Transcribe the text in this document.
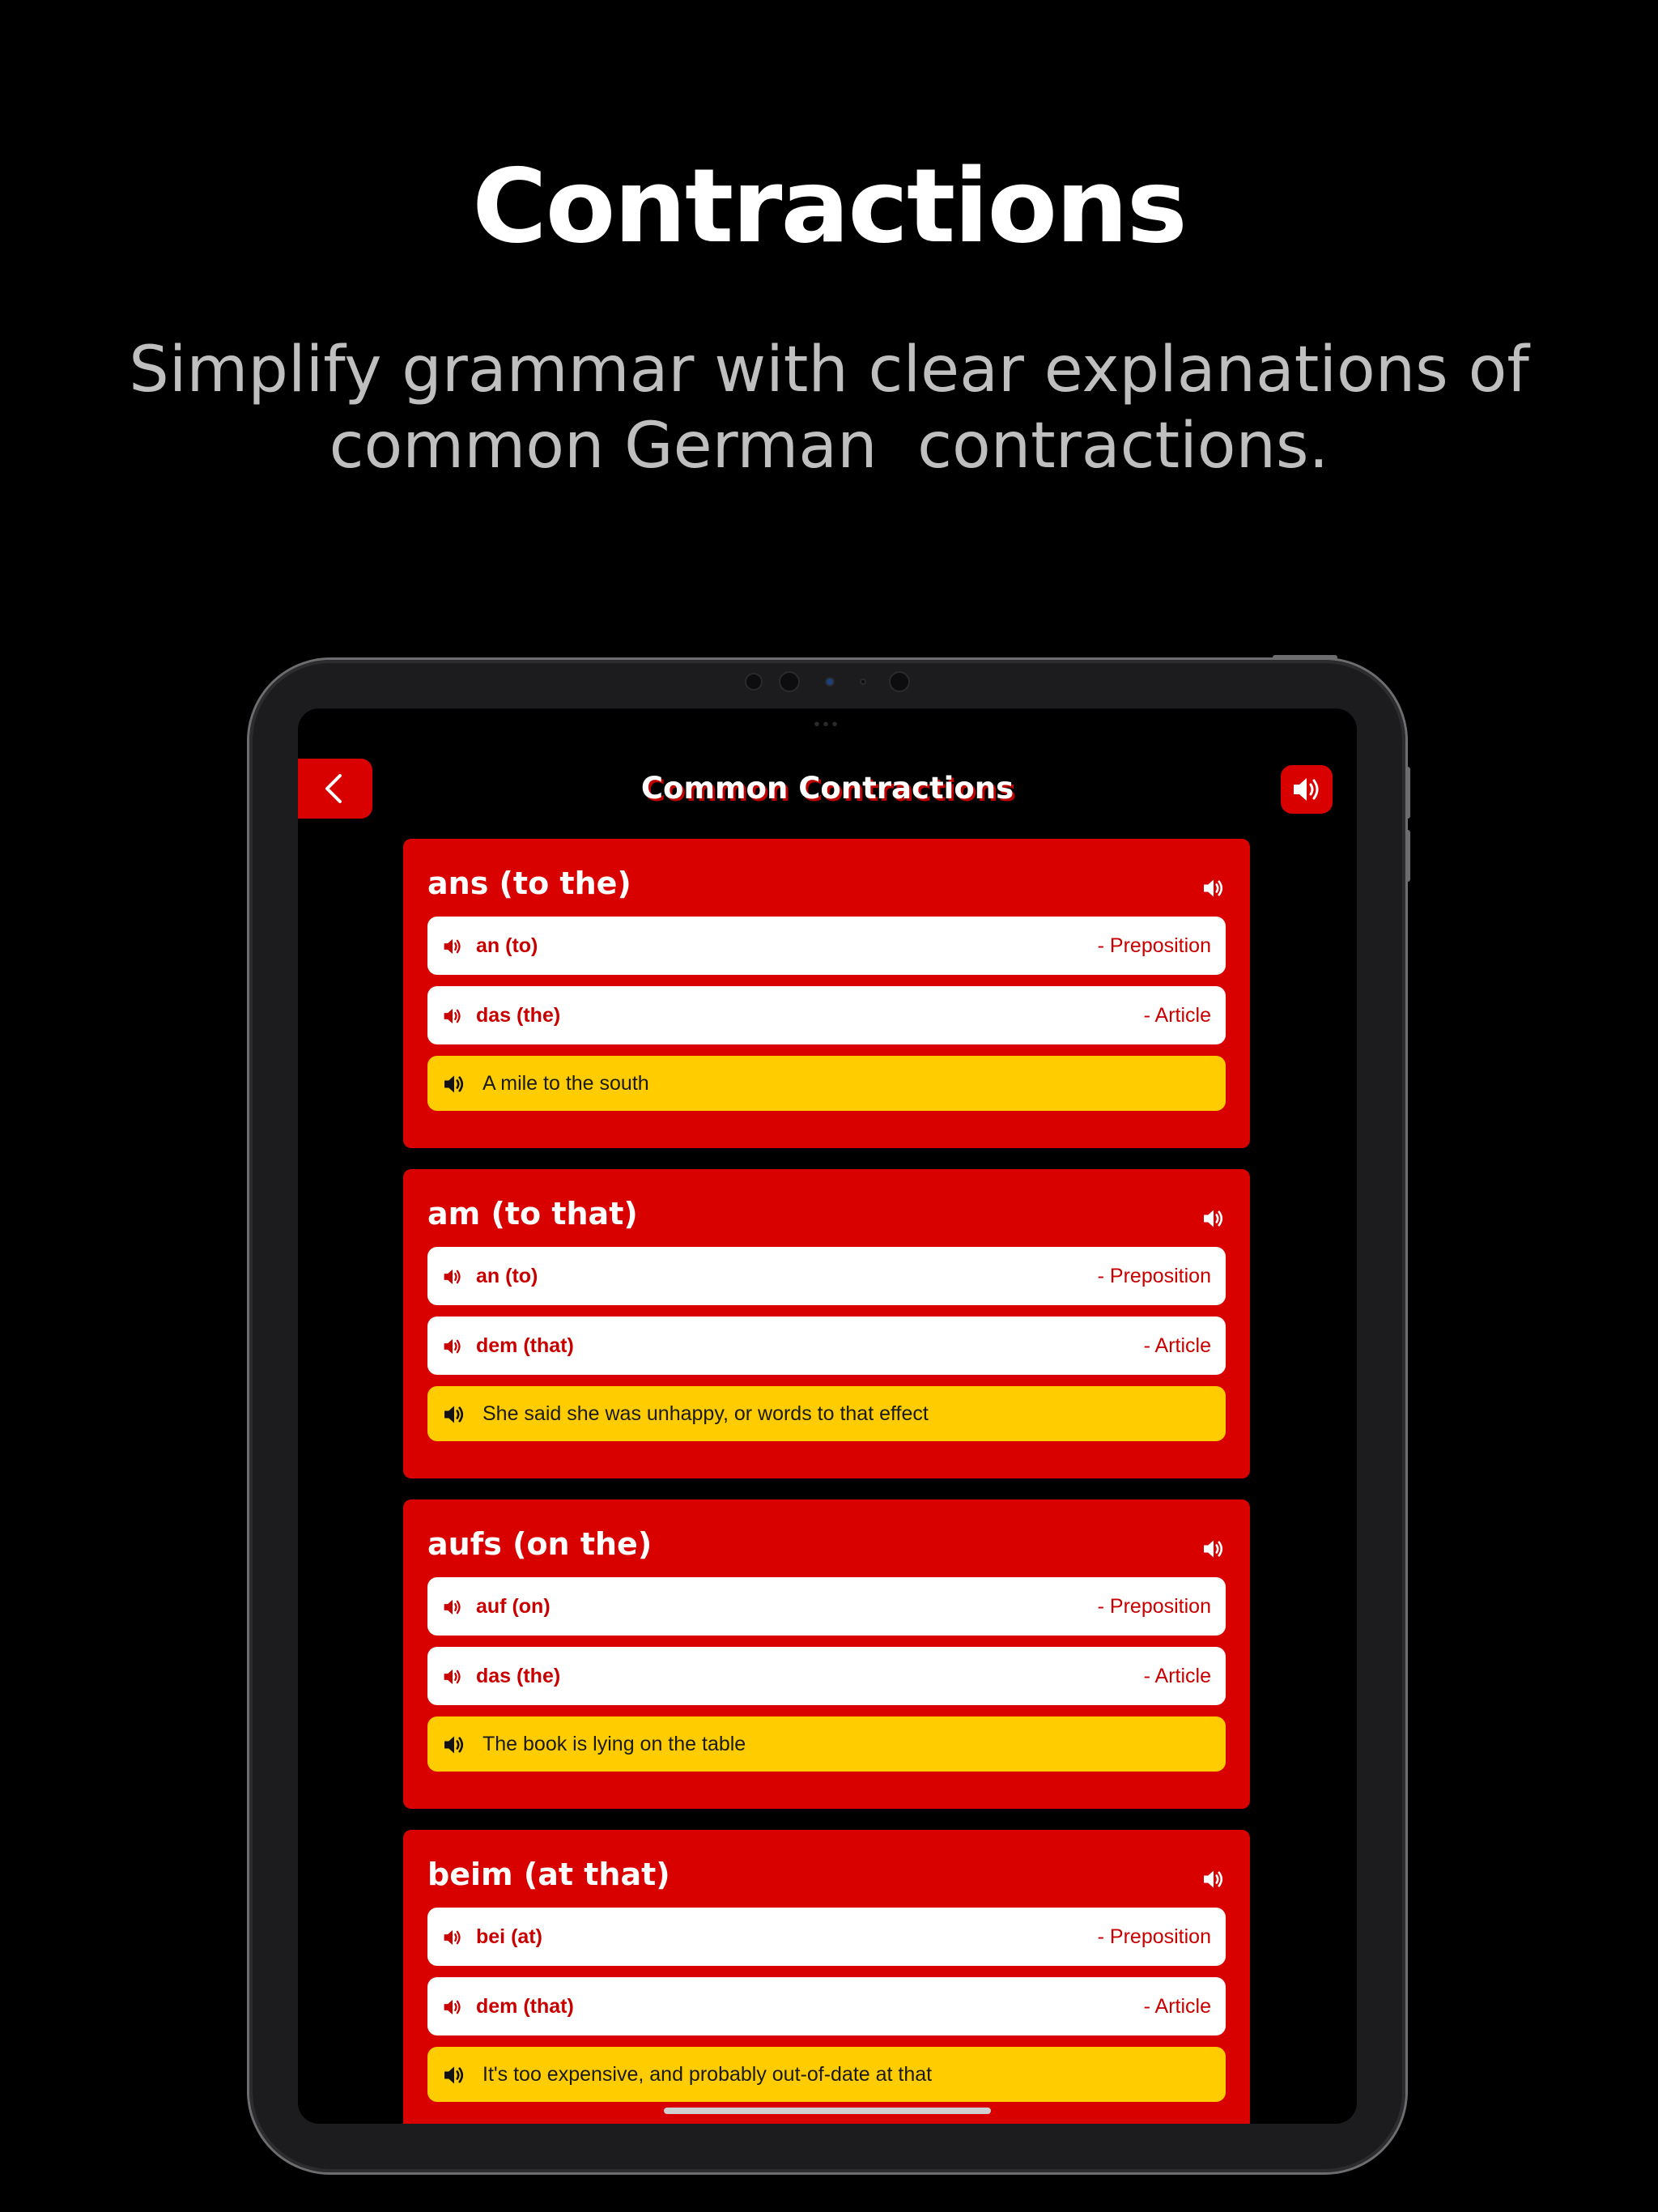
Contractions
Simplify grammar with clear explanations of
common German  contractions.
•••
Common Contractions
ans (to the)
an (to)	- Preposition
das (the)	- Article
A mile to the south
am (to that)
an (to)	- Preposition
dem (that)	- Article
She said she was unhappy, or words to that effect
aufs (on the)
auf (on)	- Preposition
das (the)	- Article
The book is lying on the table
beim (at that)
bei (at)	- Preposition
dem (that)	- Article
It's too expensive, and probably out-of-date at that
